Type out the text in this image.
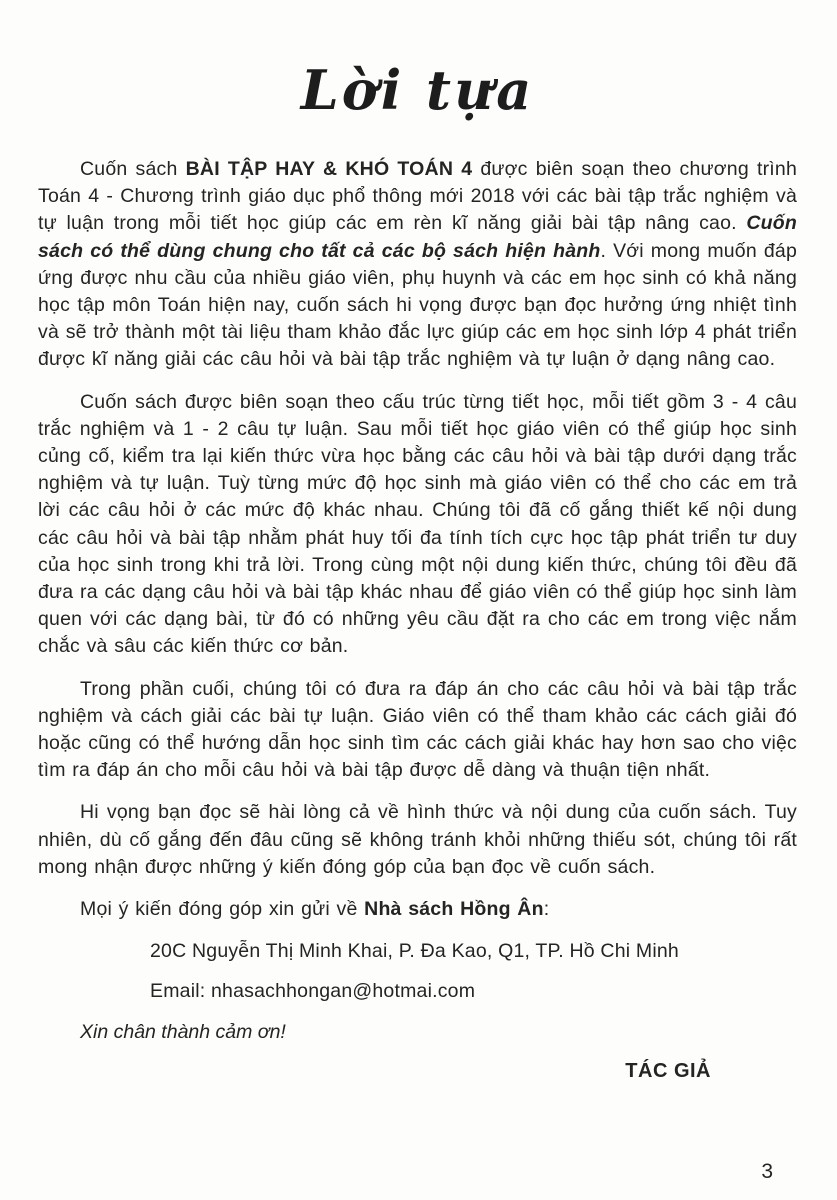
Lời tựa

Cuốn sách BÀI TẬP HAY & KHÓ TOÁN 4 được biên soạn theo chương trình Toán 4 - Chương trình giáo dục phổ thông mới 2018 với các bài tập trắc nghiệm và tự luận trong mỗi tiết học giúp các em rèn kĩ năng giải bài tập nâng cao. Cuốn sách có thể dùng chung cho tất cả các bộ sách hiện hành. Với mong muốn đáp ứng được nhu cầu của nhiều giáo viên, phụ huynh và các em học sinh có khả năng học tập môn Toán hiện nay, cuốn sách hi vọng được bạn đọc hưởng ứng nhiệt tình và sẽ trở thành một tài liệu tham khảo đắc lực giúp các em học sinh lớp 4 phát triển được kĩ năng giải các câu hỏi và bài tập trắc nghiệm và tự luận ở dạng nâng cao.

Cuốn sách được biên soạn theo cấu trúc từng tiết học, mỗi tiết gồm 3 - 4 câu trắc nghiệm và 1 - 2 câu tự luận. Sau mỗi tiết học giáo viên có thể giúp học sinh củng cố, kiểm tra lại kiến thức vừa học bằng các câu hỏi và bài tập dưới dạng trắc nghiệm và tự luận. Tuỳ từng mức độ học sinh mà giáo viên có thể cho các em trả lời các câu hỏi ở các mức độ khác nhau. Chúng tôi đã cố gắng thiết kế nội dung các câu hỏi và bài tập nhằm phát huy tối đa tính tích cực học tập phát triển tư duy của học sinh trong khi trả lời. Trong cùng một nội dung kiến thức, chúng tôi đều đã đưa ra các dạng câu hỏi và bài tập khác nhau để giáo viên có thể giúp học sinh làm quen với các dạng bài, từ đó có những yêu cầu đặt ra cho các em trong việc nắm chắc và sâu các kiến thức cơ bản.

Trong phần cuối, chúng tôi có đưa ra đáp án cho các câu hỏi và bài tập trắc nghiệm và cách giải các bài tự luận. Giáo viên có thể tham khảo các cách giải đó hoặc cũng có thể hướng dẫn học sinh tìm các cách giải khác hay hơn sao cho việc tìm ra đáp án cho mỗi câu hỏi và bài tập được dễ dàng và thuận tiện nhất.

Hi vọng bạn đọc sẽ hài lòng cả về hình thức và nội dung của cuốn sách. Tuy nhiên, dù cố gắng đến đâu cũng sẽ không tránh khỏi những thiếu sót, chúng tôi rất mong nhận được những ý kiến đóng góp của bạn đọc về cuốn sách.

Mọi ý kiến đóng góp xin gửi về Nhà sách Hồng Ân:

20C Nguyễn Thị Minh Khai, P. Đa Kao, Q1, TP. Hồ Chi Minh
Email: nhasachhongan@hotmai.com
Xin chân thành cảm ơn!
TÁC GIẢ
3
